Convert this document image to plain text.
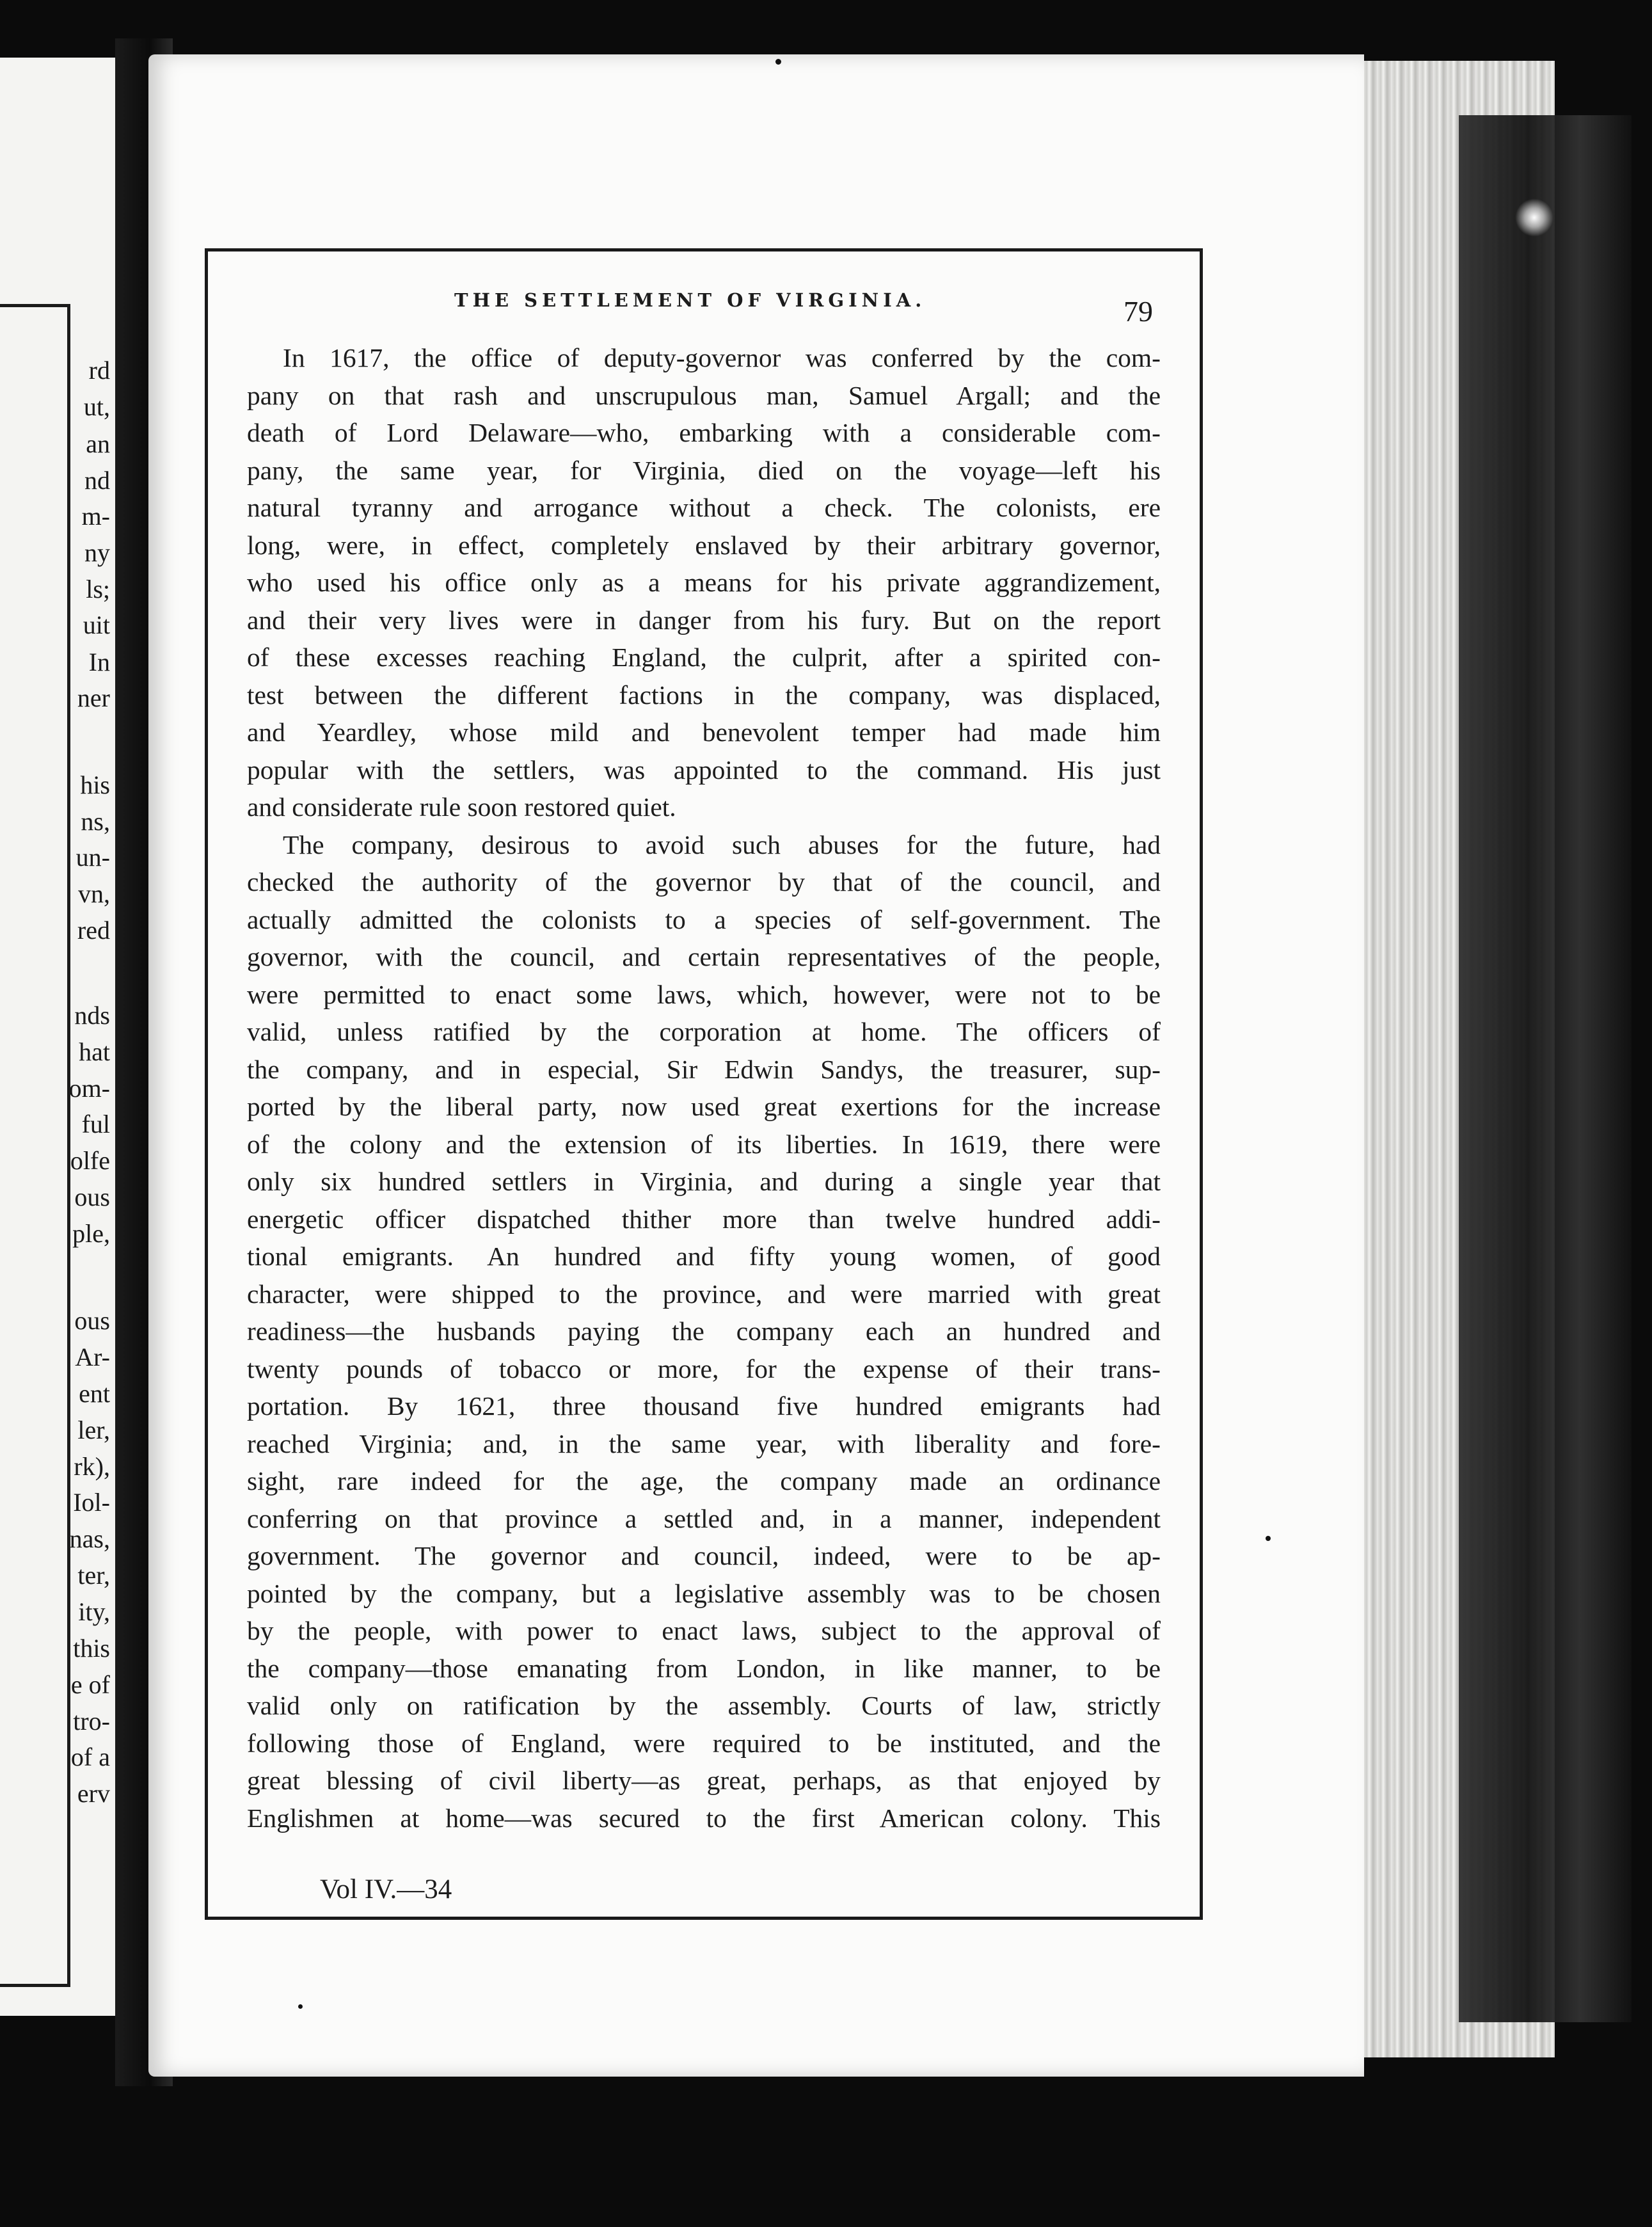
rd
ut,
an
nd
m-
ny
ls;
uit
In
ner
his
ns,
un-
vn,
red
nds
hat
om-
ful
olfe
ous
ple,
ous
Ar-
ent
ler,
rk),
Iol-
nas,
ter,
ity,
this
e of
tro-
of a
erv
THE SETTLEMENT OF VIRGINIA.	79
In 1617, the office of deputy-governor was conferred by the com-
pany on that rash and unscrupulous man, Samuel Argall; and the
death of Lord Delaware—who, embarking with a considerable com-
pany, the same year, for Virginia, died on the voyage—left his
natural tyranny and arrogance without a check. The colonists, ere
long, were, in effect, completely enslaved by their arbitrary governor,
who used his office only as a means for his private aggrandizement,
and their very lives were in danger from his fury. But on the report
of these excesses reaching England, the culprit, after a spirited con-
test between the different factions in the company, was displaced,
and Yeardley, whose mild and benevolent temper had made him
popular with the settlers, was appointed to the command. His just
and considerate rule soon restored quiet.
The company, desirous to avoid such abuses for the future, had
checked the authority of the governor by that of the council, and
actually admitted the colonists to a species of self-government. The
governor, with the council, and certain representatives of the people,
were permitted to enact some laws, which, however, were not to be
valid, unless ratified by the corporation at home. The officers of
the company, and in especial, Sir Edwin Sandys, the treasurer, sup-
ported by the liberal party, now used great exertions for the increase
of the colony and the extension of its liberties. In 1619, there were
only six hundred settlers in Virginia, and during a single year that
energetic officer dispatched thither more than twelve hundred addi-
tional emigrants. An hundred and fifty young women, of good
character, were shipped to the province, and were married with great
readiness—the husbands paying the company each an hundred and
twenty pounds of tobacco or more, for the expense of their trans-
portation. By 1621, three thousand five hundred emigrants had
reached Virginia; and, in the same year, with liberality and fore-
sight, rare indeed for the age, the company made an ordinance
conferring on that province a settled and, in a manner, independent
government. The governor and council, indeed, were to be ap-
pointed by the company, but a legislative assembly was to be chosen
by the people, with power to enact laws, subject to the approval of
the company—those emanating from London, in like manner, to be
valid only on ratification by the assembly. Courts of law, strictly
following those of England, were required to be instituted, and the
great blessing of civil liberty—as great, perhaps, as that enjoyed by
Englishmen at home—was secured to the first American colony. This
Vol IV.—34
